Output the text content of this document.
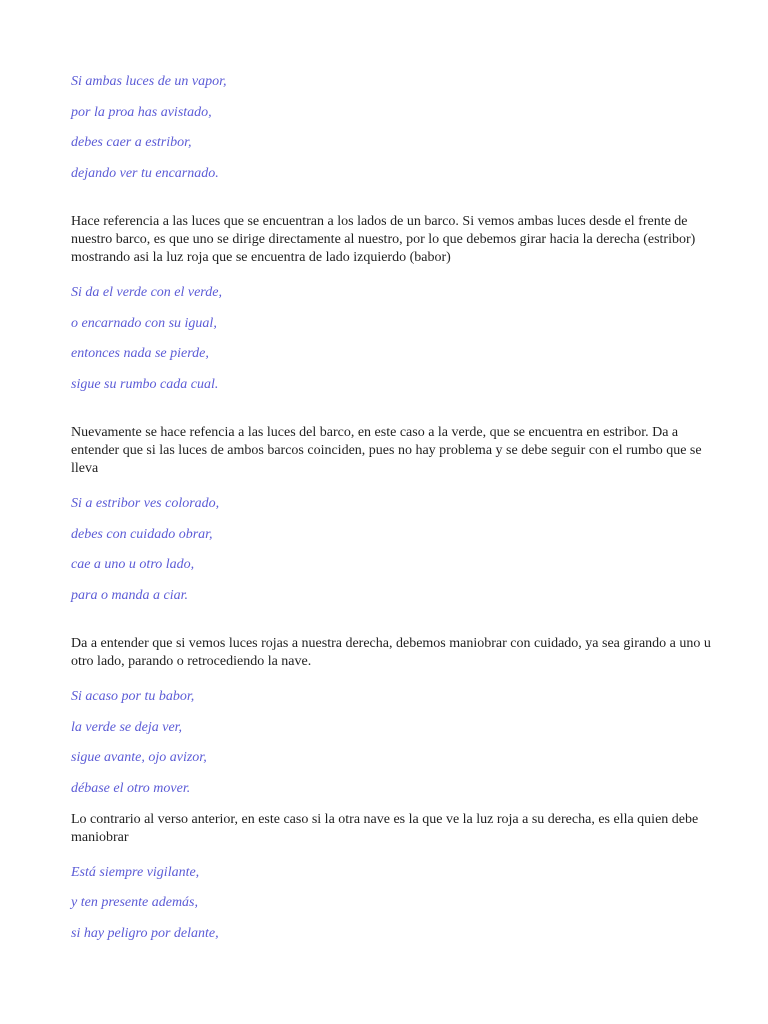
Si ambas luces de un vapor,

por la proa has avistado,

debes caer a estribor,

dejando ver tu encarnado.

Hace referencia a las luces que se encuentran a los lados de un barco. Si vemos ambas luces desde el frente de nuestro barco, es que uno se dirige directamente al nuestro, por lo que debemos girar hacia la derecha (estribor) mostrando asi la luz roja que se encuentra de lado izquierdo (babor)

Si da el verde con el verde,

o encarnado con su igual,

entonces nada se pierde,

sigue su rumbo cada cual.

Nuevamente se hace refencia a las luces del barco, en este caso a la verde, que se encuentra en estribor. Da a entender que si las luces de ambos barcos coinciden, pues no hay problema y se debe seguir con el rumbo que se lleva

Si a estribor ves colorado,

debes con cuidado obrar,

cae a uno u otro lado,

para o manda a ciar.

Da a entender que si vemos luces rojas a nuestra derecha, debemos maniobrar con cuidado, ya sea girando a uno u otro lado, parando o retrocediendo la nave.

Si acaso por tu babor,

la verde se deja ver,

sigue avante, ojo avizor,

débase el otro mover.

Lo contrario al verso anterior, en este caso si la otra nave es la que ve la luz roja a su derecha, es ella quien debe maniobrar

Está siempre vigilante,

y ten presente además,

si hay peligro por delante,
